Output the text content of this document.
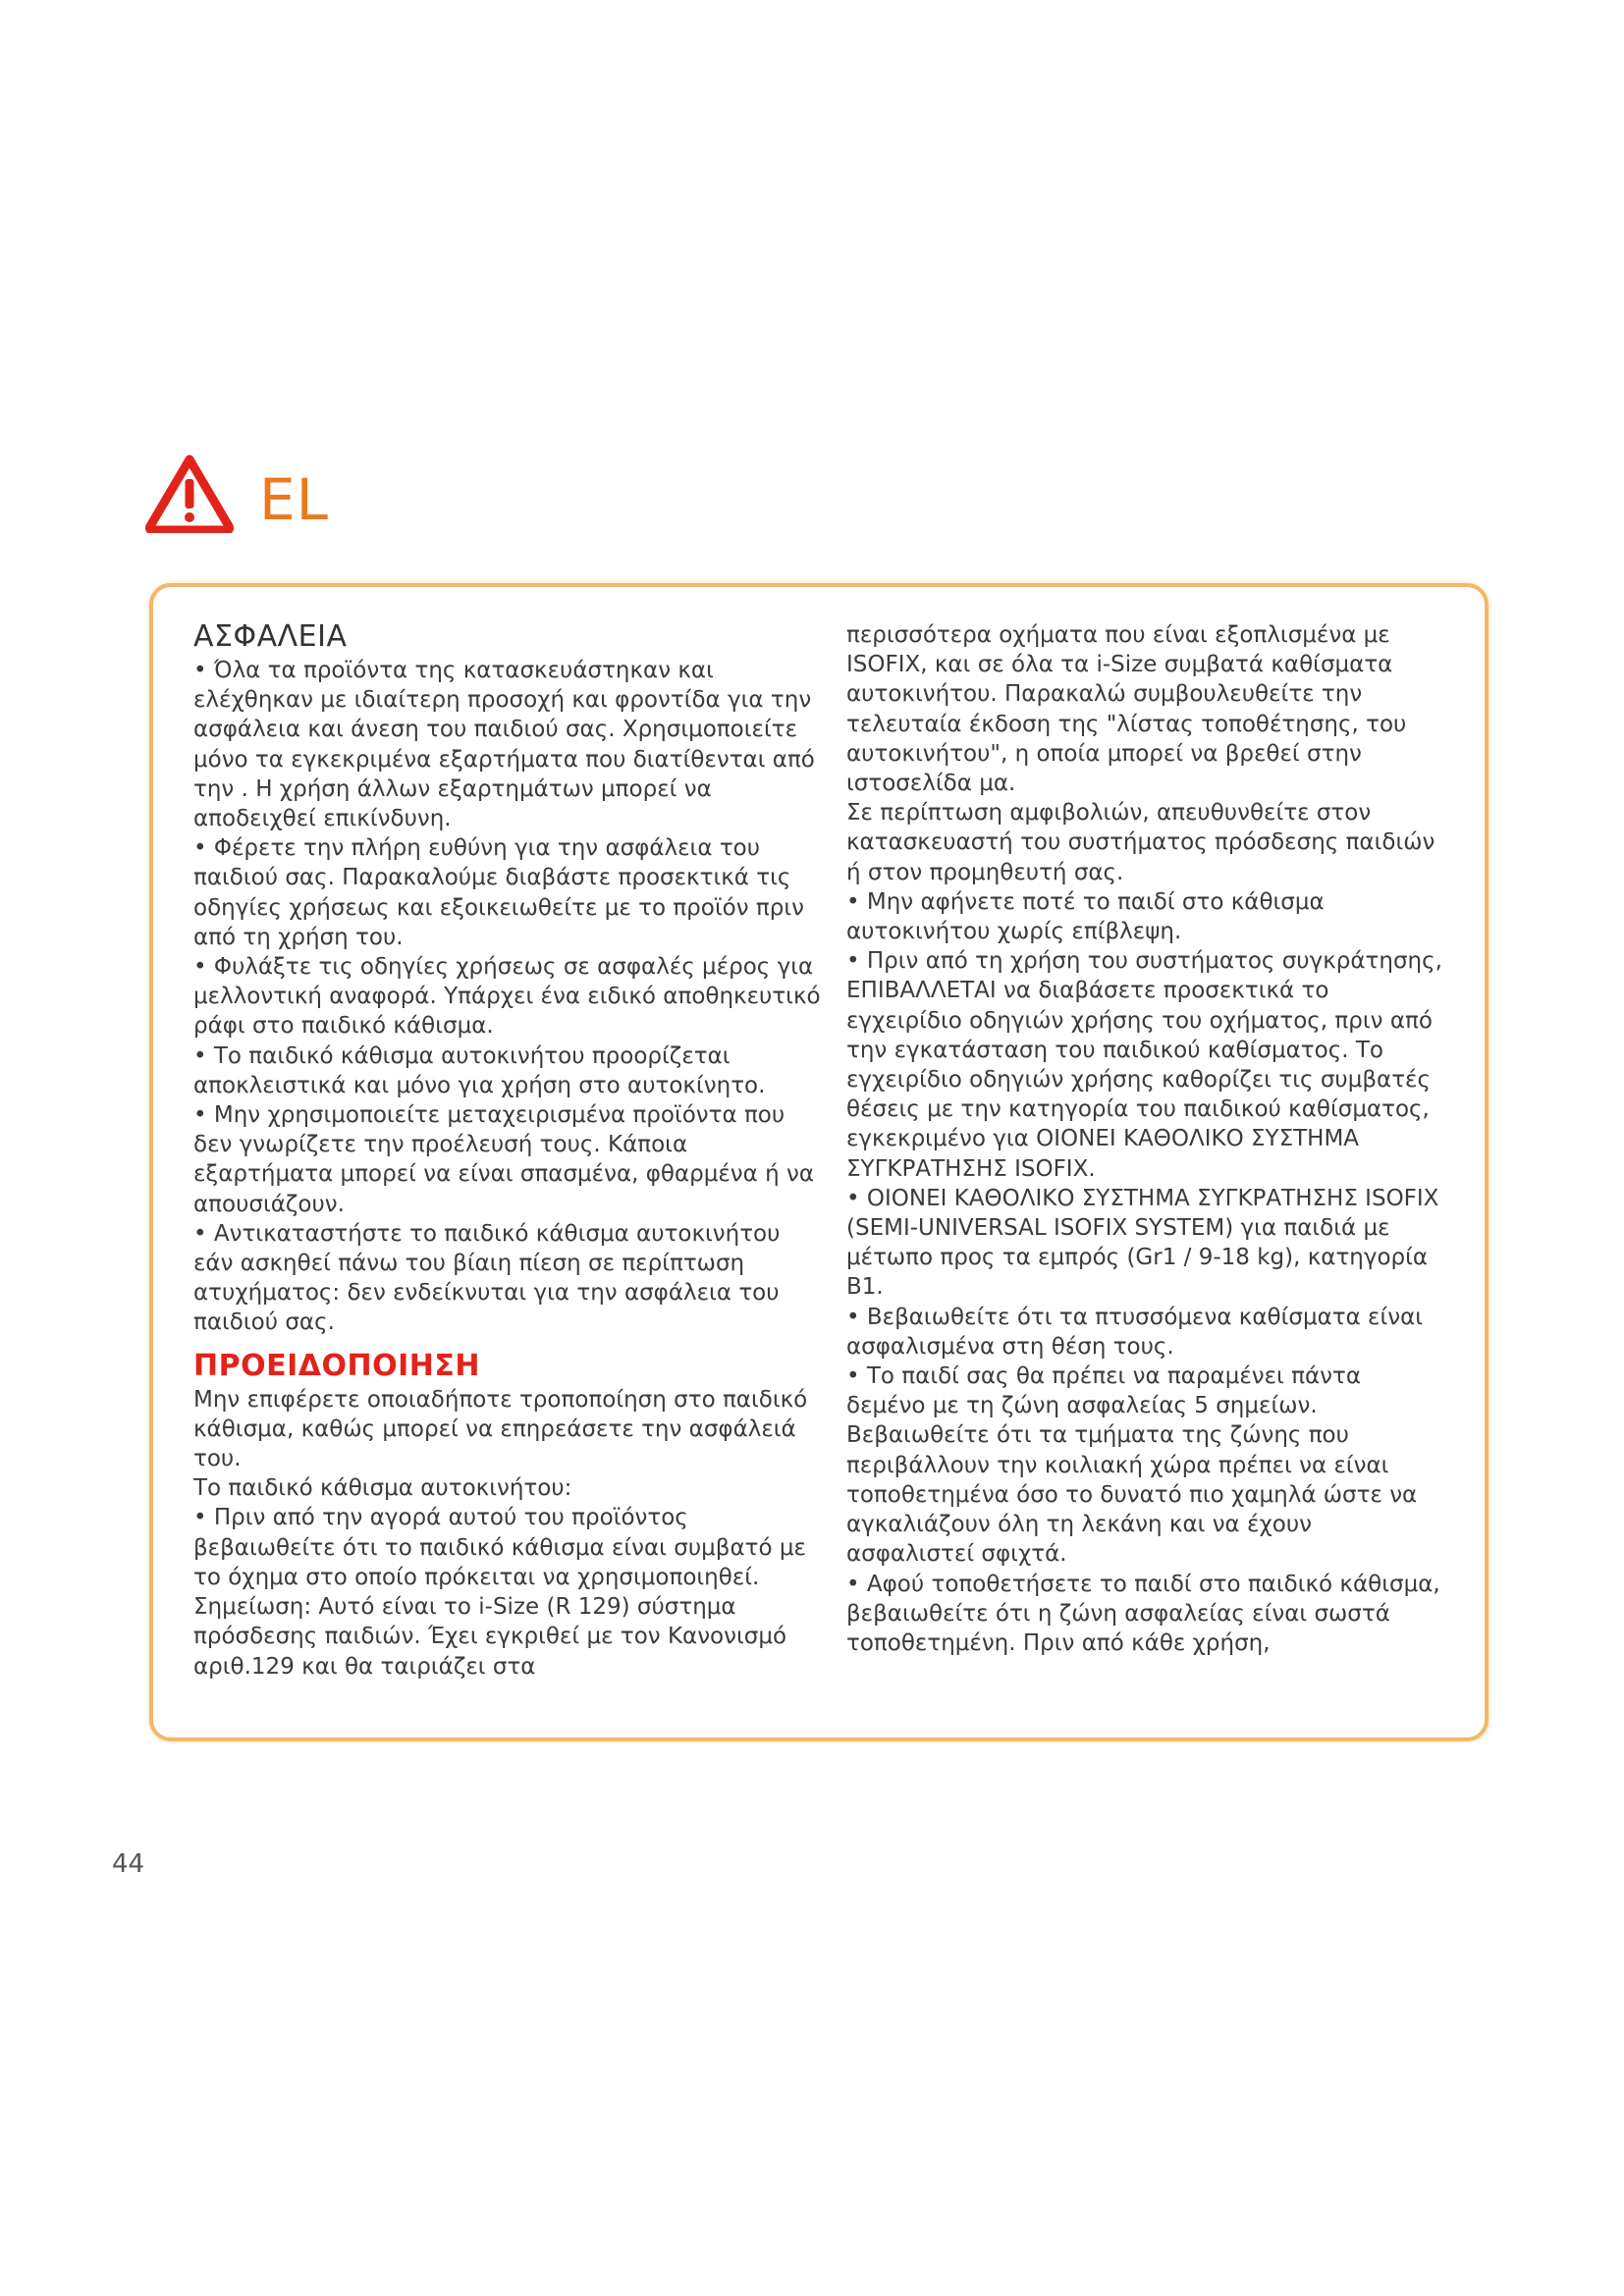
EL
ΑΣΦΑΛΕΙΑ

• Όλα τα προϊόντα της κατασκευάστηκαν και ελέχθηκαν με ιδιαίτερη προσοχή και φροντίδα για την ασφάλεια και άνεση του παιδιού σας. Χρησιμοποιείτε μόνο τα εγκεκριμένα εξαρτήματα που διατίθενται από την . Η χρήση άλλων εξαρτημάτων μπορεί να αποδειχθεί επικίνδυνη.

• Φέρετε την πλήρη ευθύνη για την ασφάλεια του παιδιού σας. Παρακαλούμε διαβάστε προσεκτικά τις οδηγίες χρήσεως και εξοικειωθείτε με το προϊόν πριν από τη χρήση του.

• Φυλάξτε τις οδηγίες χρήσεως σε ασφαλές μέρος για μελλοντική αναφορά. Υπάρχει ένα ειδικό αποθηκευτικό ράφι στο παιδικό κάθισμα.

• Το παιδικό κάθισμα αυτοκινήτου προορίζεται αποκλειστικά και μόνο για χρήση στο αυτοκίνητο.

• Μην χρησιμοποιείτε μεταχειρισμένα προϊόντα που δεν γνωρίζετε την προέλευσή τους. Κάποια εξαρτήματα μπορεί να είναι σπασμένα, φθαρμένα ή να απουσιάζουν.

• Αντικαταστήστε το παιδικό κάθισμα αυτοκινήτου εάν ασκηθεί πάνω του βίαιη πίεση σε περίπτωση ατυχήματος: δεν ενδείκνυται για την ασφάλεια του παιδιού σας.

ΠΡΟΕΙΔΟΠΟΙΗΣΗ

Μην επιφέρετε οποιαδήποτε τροποποίηση στο παιδικό κάθισμα, καθώς μπορεί να επηρεάσετε την ασφάλειά του.

Το παιδικό κάθισμα αυτοκινήτου:

• Πριν από την αγορά αυτού του προϊόντος βεβαιωθείτε ότι το παιδικό κάθισμα είναι συμβατό με το όχημα στο οποίο πρόκειται να χρησιμοποιηθεί. Σημείωση: Αυτό είναι το i-Size (R 129) σύστημα πρόσδεσης παιδιών. Έχει εγκριθεί με τον Κανονισμό αριθ.129 και θα ταιριάζει στα

περισσότερα οχήματα που είναι εξοπλισμένα με ISOFIX, και σε όλα τα i-Size συμβατά καθίσματα αυτοκινήτου. Παρακαλώ συμβουλευθείτε την τελευταία έκδοση της "λίστας τοποθέτησης, του αυτοκινήτου", η οποία μπορεί να βρεθεί στην ιστοσελίδα μα.

Σε περίπτωση αμφιβολιών, απευθυνθείτε στον κατασκευαστή του συστήματος πρόσδεσης παιδιών ή στον προμηθευτή σας.

• Μην αφήνετε ποτέ το παιδί στο κάθισμα αυτοκινήτου χωρίς επίβλεψη.

• Πριν από τη χρήση του συστήματος συγκράτησης, ΕΠΙΒΑΛΛΕΤΑΙ να διαβάσετε προσεκτικά το εγχειρίδιο οδηγιών χρήσης του οχήματος, πριν από την εγκατάσταση του παιδικού καθίσματος. Το εγχειρίδιο οδηγιών χρήσης καθορίζει τις συμβατές θέσεις με την κατηγορία του παιδικού καθίσματος, εγκεκριμένο για ΟΙΟΝΕΙ ΚΑΘΟΛΙΚΟ ΣΥΣΤΗΜΑ ΣΥΓΚΡΑΤΗΣΗΣ ISOFIX.

• ΟΙΟΝΕΙ ΚΑΘΟΛΙΚΟ ΣΥΣΤΗΜΑ ΣΥΓΚΡΑΤΗΣΗΣ ISOFIX (SEMI-UNIVERSAL ISOFIX SYSTEM) για παιδιά με μέτωπο προς τα εμπρός (Gr1 / 9-18 kg), κατηγορία B1.

• Βεβαιωθείτε ότι τα πτυσσόμενα καθίσματα είναι ασφαλισμένα στη θέση τους.

• Το παιδί σας θα πρέπει να παραμένει πάντα δεμένο με τη ζώνη ασφαλείας 5 σημείων. Βεβαιωθείτε ότι τα τμήματα της ζώνης που περιβάλλουν την κοιλιακή χώρα πρέπει να είναι τοποθετημένα όσο το δυνατό πιο χαμηλά ώστε να αγκαλιάζουν όλη τη λεκάνη και να έχουν ασφαλιστεί σφιχτά.

• Αφού τοποθετήσετε το παιδί στο παιδικό κάθισμα, βεβαιωθείτε ότι η ζώνη ασφαλείας είναι σωστά τοποθετημένη. Πριν από κάθε χρήση,

44
